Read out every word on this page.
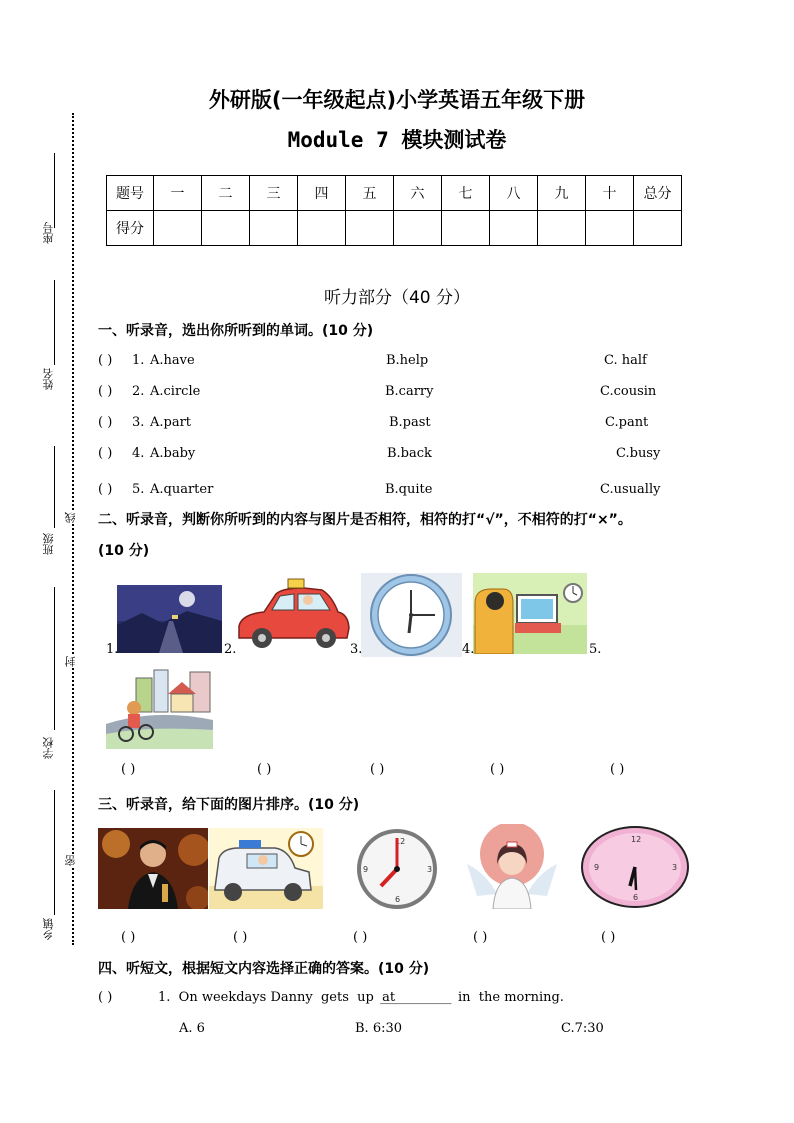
外研版(一年级起点)小学英语五年级下册
Module 7 模块测试卷
座号
姓名
班级
线
学校
封
乡镇
密
题号	一	二	三	四	五	六	七	八	九	十	总分
得分											
听力部分（40 分）
一、听录音，选出你所听到的单词。(10 分)
( ) 1. A.have	B.help	C. half
( ) 2. A.circle	B.carry	C.cousin
( ) 3. A.part	B.past	C.pant
( ) 4. A.baby	B.back	C.busy
( ) 5. A.quarter	B.quite	C.usually
二、听录音，判断你所听到的内容与图片是否相符，相符的打“√”，不相符的打“×”。
(10 分)
1.	2.	3.	4.	5.
( )	( )	( )	( )	( )
三、听录音，给下面的图片排序。(10 分)
12
3
6
9
12
3
6
9
( )	( )	( )	( )	( )
四、听短文，根据短文内容选择正确的答案。(10 分)
( )	1.  On weekdays Danny  gets  up  at
___________ in  the morning.
A. 6	B. 6:30	C.7:30
